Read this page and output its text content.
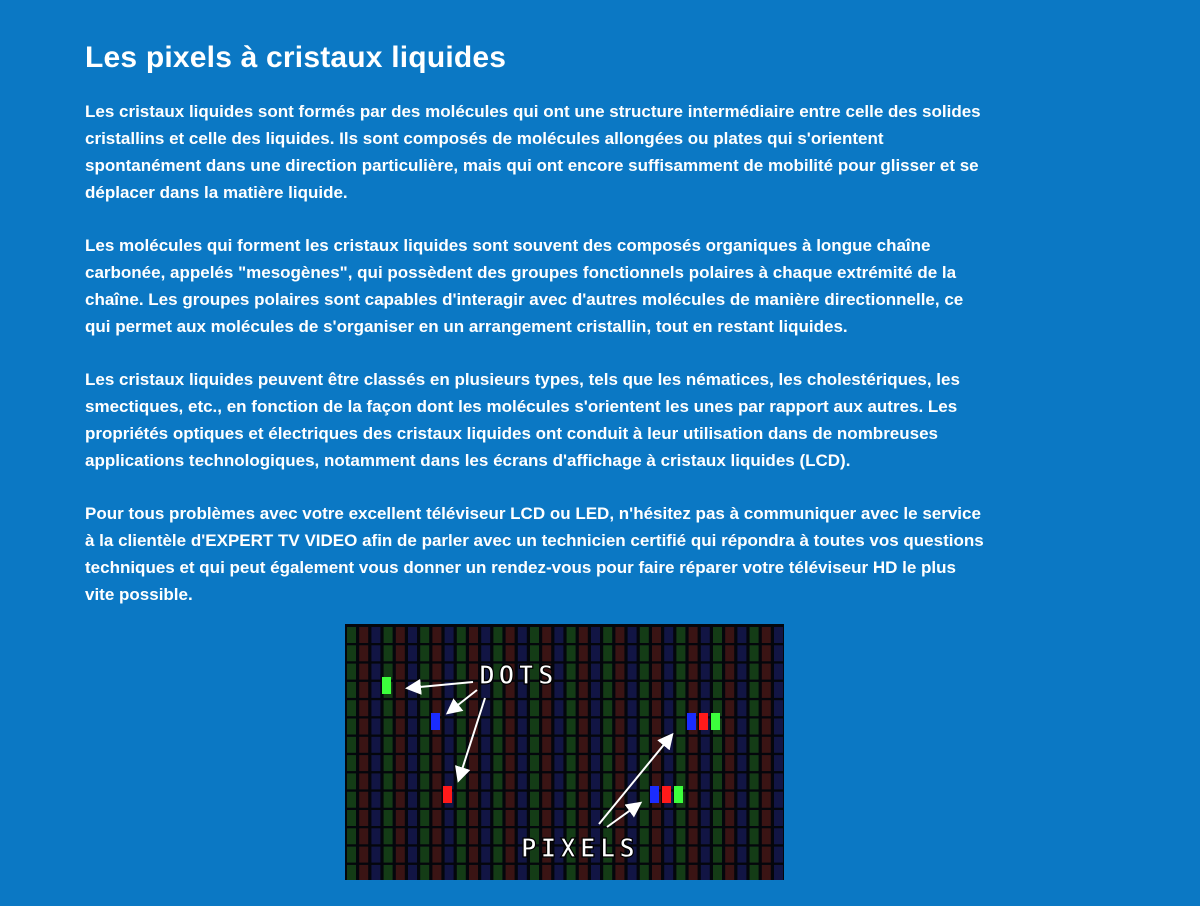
Les pixels à cristaux liquides

Les cristaux liquides sont formés par des molécules qui ont une structure intermédiaire entre celle des solides cristallins et celle des liquides. Ils sont composés de molécules allongées ou plates qui s'orientent spontanément dans une direction particulière, mais qui ont encore suffisamment de mobilité pour glisser et se déplacer dans la matière liquide.

Les molécules qui forment les cristaux liquides sont souvent des composés organiques à longue chaîne carbonée, appelés "mesogènes", qui possèdent des groupes fonctionnels polaires à chaque extrémité de la chaîne. Les groupes polaires sont capables d'interagir avec d'autres molécules de manière directionnelle, ce qui permet aux molécules de s'organiser en un arrangement cristallin, tout en restant liquides.

Les cristaux liquides peuvent être classés en plusieurs types, tels que les nématices, les cholestériques, les smectiques, etc., en fonction de la façon dont les molécules s'orientent les unes par rapport aux autres. Les propriétés optiques et électriques des cristaux liquides ont conduit à leur utilisation dans de nombreuses applications technologiques, notamment dans les écrans d'affichage à cristaux liquides (LCD).

Pour tous problèmes avec votre excellent téléviseur LCD ou LED, n'hésitez pas à communiquer avec le service à la clientèle d'EXPERT TV VIDEO afin de parler avec un technicien certifié qui répondra à toutes vos questions techniques et qui peut également vous donner un rendez-vous pour faire réparer votre téléviseur HD le plus vite possible.

DOTS
PIXELS
